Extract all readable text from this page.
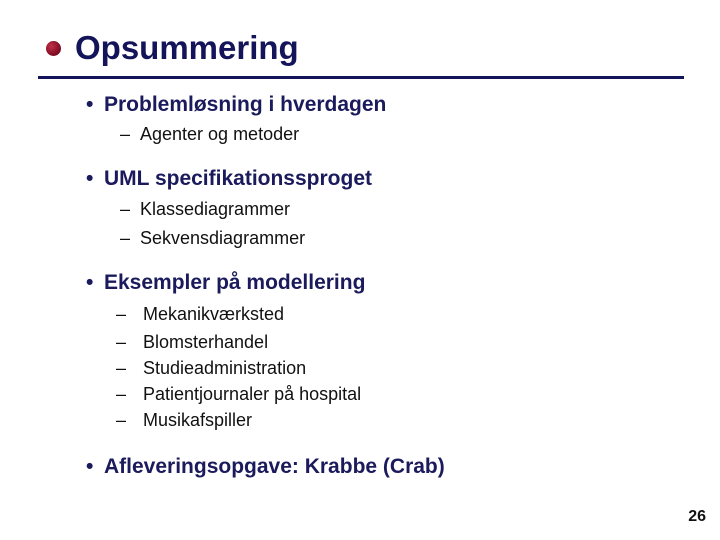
Opsummering
• Problemløsning i hverdagen
– Agenter og metoder
• UML specifikationssproget
– Klassediagrammer
– Sekvensdiagrammer
• Eksempler på modellering
– Mekanikværksted
– Blomsterhandel
– Studieadministration
– Patientjournaler på hospital
– Musikafspiller
• Afleveringsopgave: Krabbe (Crab)
26
